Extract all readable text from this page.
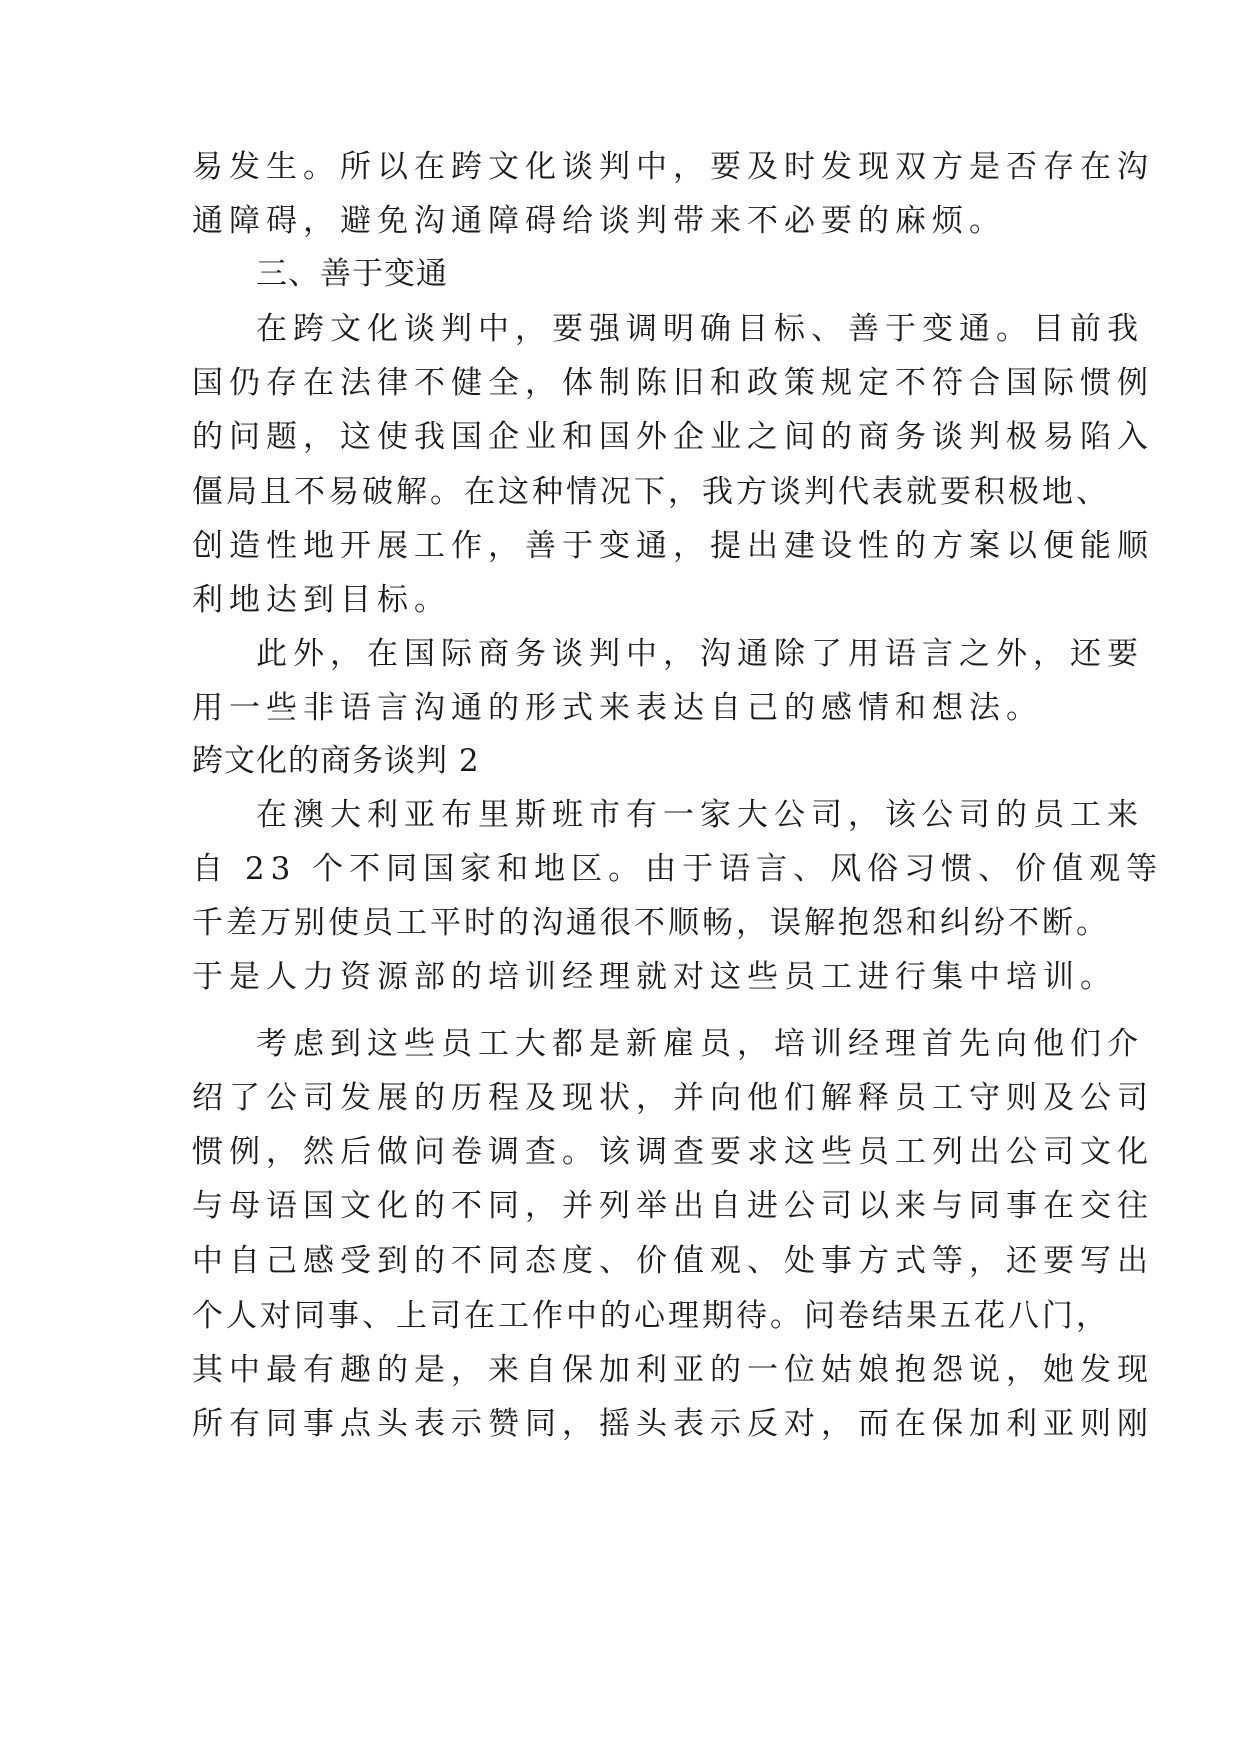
易发生。所以在跨文化谈判中，要及时发现双方是否存在沟
通障碍，避免沟通障碍给谈判带来不必要的麻烦。
三、善于变通
在跨文化谈判中，要强调明确目标、善于变通。目前我
国仍存在法律不健全，体制陈旧和政策规定不符合国际惯例
的问题，这使我国企业和国外企业之间的商务谈判极易陷入
僵局且不易破解。在这种情况下，我方谈判代表就要积极地、
创造性地开展工作，善于变通，提出建设性的方案以便能顺
利地达到目标。
此外，在国际商务谈判中，沟通除了用语言之外，还要
用一些非语言沟通的形式来表达自己的感情和想法。
跨文化的商务谈判 2
在澳大利亚布里斯班市有一家大公司，该公司的员工来
自 23 个不同国家和地区。由于语言、风俗习惯、价值观等
千差万别使员工平时的沟通很不顺畅，误解抱怨和纠纷不断。
于是人力资源部的培训经理就对这些员工进行集中培训。
考虑到这些员工大都是新雇员，培训经理首先向他们介
绍了公司发展的历程及现状，并向他们解释员工守则及公司
惯例，然后做问卷调查。该调查要求这些员工列出公司文化
与母语国文化的不同，并列举出自进公司以来与同事在交往
中自己感受到的不同态度、价值观、处事方式等，还要写出
个人对同事、上司在工作中的心理期待。问卷结果五花八门，
其中最有趣的是，来自保加利亚的一位姑娘抱怨说，她发现
所有同事点头表示赞同，摇头表示反对，而在保加利亚则刚
